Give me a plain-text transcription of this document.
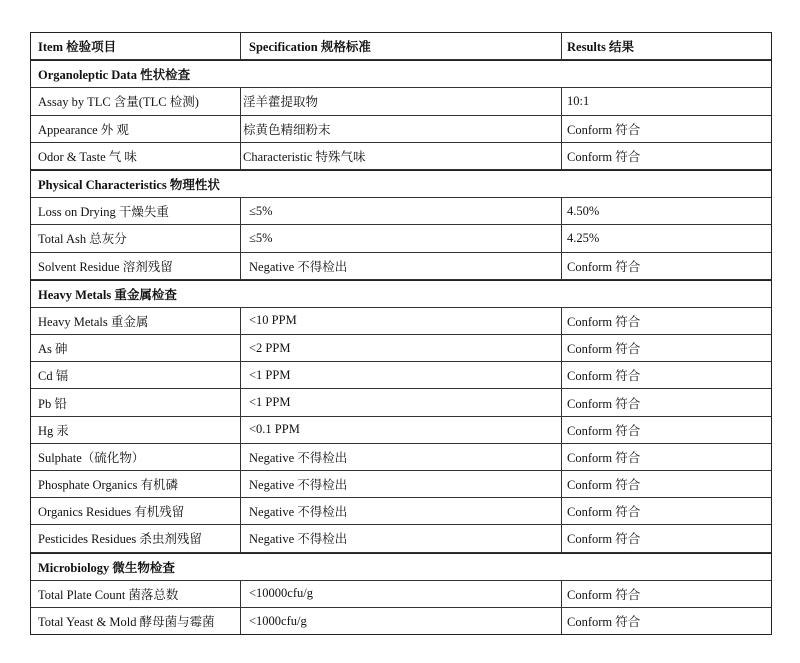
Item 检验项目	Specification 规格标准	Results 结果
Organoleptic Data 性状检查
Assay by TLC 含量(TLC 检测)	淫羊藿提取物	10:1
Appearance 外 观	棕黄色精细粉末	Conform 符合
Odor & Taste 气 味	Characteristic 特殊气味	Conform 符合
Physical Characteristics 物理性状
Loss on Drying 干燥失重	≤5%	4.50%
Total Ash 总灰分	≤5%	4.25%
Solvent Residue 溶剂残留	Negative 不得检出	Conform 符合
Heavy Metals 重金属检查
Heavy Metals 重金属	<10 PPM	Conform 符合
As 砷	<2 PPM	Conform 符合
Cd 镉	<1 PPM	Conform 符合
Pb 铅	<1 PPM	Conform 符合
Hg 汞	<0.1 PPM	Conform 符合
Sulphate（硫化物）	Negative 不得检出	Conform 符合
Phosphate Organics 有机磷	Negative 不得检出	Conform 符合
Organics Residues 有机残留	Negative 不得检出	Conform 符合
Pesticides Residues 杀虫剂残留	Negative 不得检出	Conform 符合
Microbiology 微生物检查
Total Plate Count 菌落总数	<10000cfu/g	Conform 符合
Total Yeast & Mold 酵母菌与霉菌	<1000cfu/g	Conform 符合
